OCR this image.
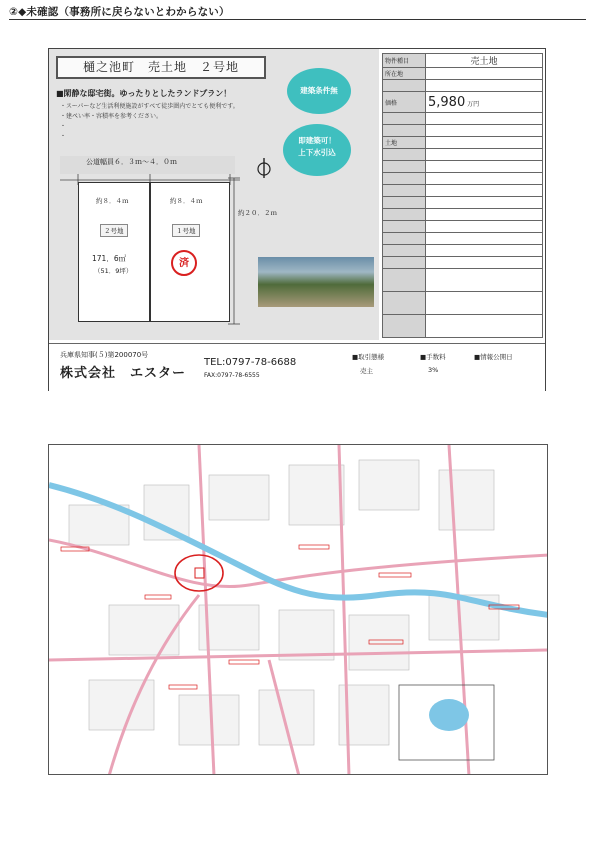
②◆未確認（事務所に戻らないとわからない）
樋之池町　売土地　２号地
■閑静な邸宅街。ゆったりとしたランドプラン！
・スーパーなど生活利便施設がすべて徒歩圏内でとても便利です。
・建ぺい率・容積率を参考ください。
・
・
建築条件無
即建築可！
上下水引込
公道幅員６．３ｍ～４．０ｍ
約８．４ｍ	約８．４ｍ
２号地	１号地
171．6㎡
（51．9坪）
済
約２０．２ｍ
兵庫県知事(５)第200070号
株式会社　エスター
TEL:0797-78-6688
FAX:0797-78-6555
■取引態様
売主
■手数料
3%
■情報公開日
物件種目	売土地
所在地	

価格	5,980 万円

土地	
